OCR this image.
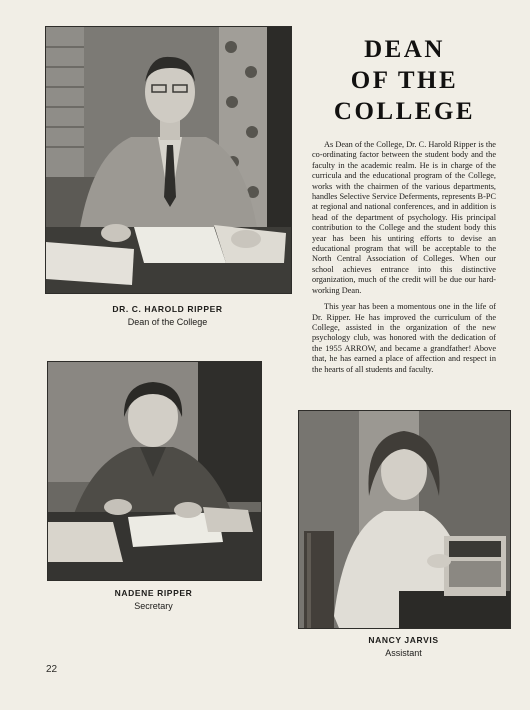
DR. C. HAROLD RIPPER
Dean of the College
DEAN
OF THE
COLLEGE

As Dean of the College, Dr. C. Harold Ripper is the co-ordinating factor between the student body and the faculty in the academic realm. He is in charge of the curricula and the educational program of the College, works with the chairmen of the various departments, handles Selective Service Deferments, represents B-PC at regional and national conferences, and in addition is head of the department of psychology. His principal contribution to the College and the student body this year has been his untiring efforts to devise an educational program that will be acceptable to the North Central Association of Colleges. When our school achieves entrance into this distinctive organization, much of the credit will be due our hard-working Dean.

This year has been a momentous one in the life of Dr. Ripper. He has improved the curriculum of the College, assisted in the organization of the new psychology club, was honored with the dedication of the 1955 ARROW, and became a grandfather! Above that, he has earned a place of affection and respect in the hearts of all students and faculty.

NADENE RIPPER
Secretary
NANCY JARVIS
Assistant
22
